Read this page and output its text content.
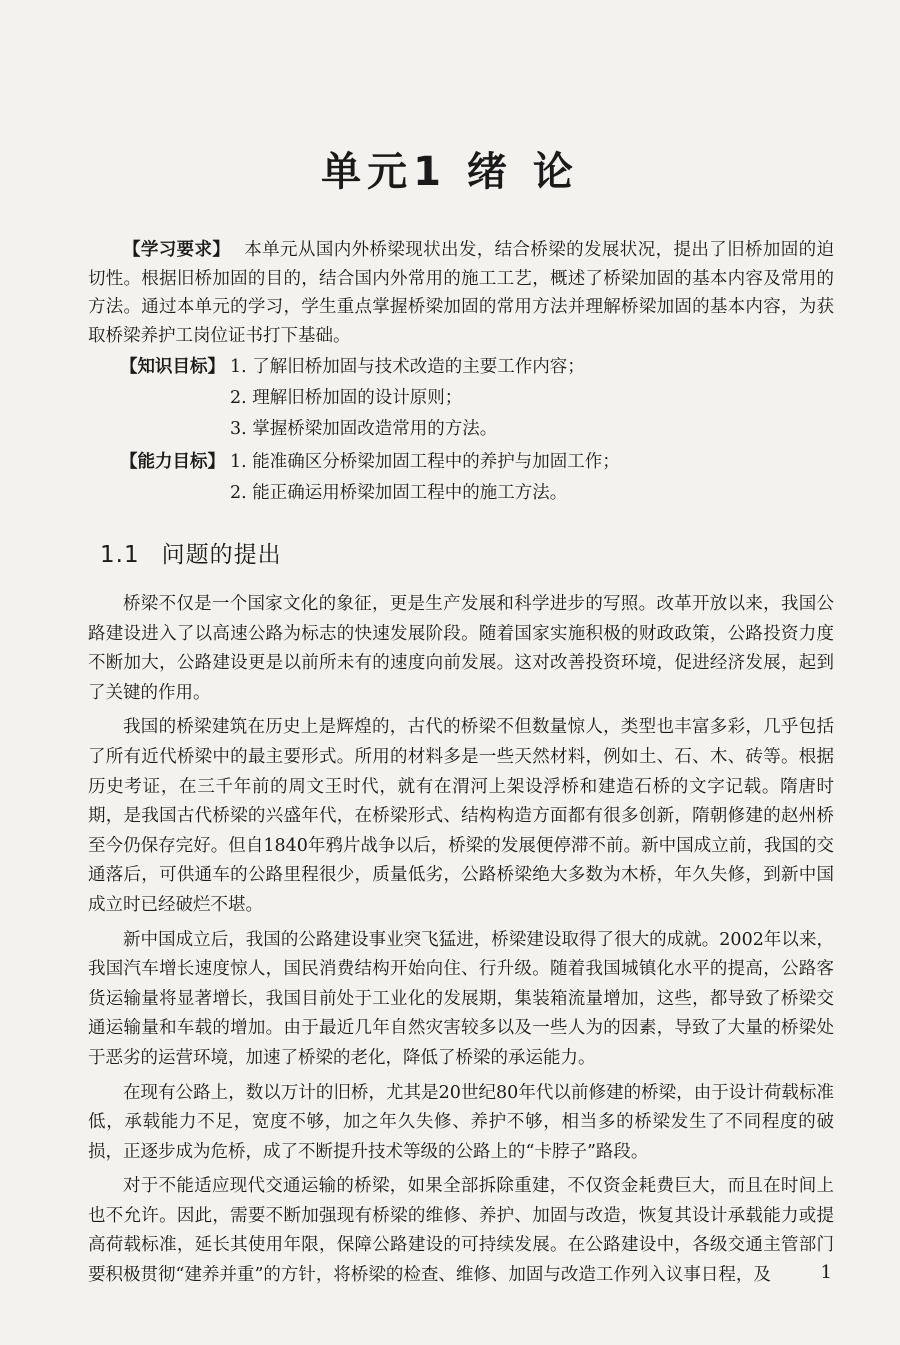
单元1 绪 论

【学习要求】 本单元从国内外桥梁现状出发，结合桥梁的发展状况，提出了旧桥加固的迫切性。根据旧桥加固的目的，结合国内外常用的施工工艺，概述了桥梁加固的基本内容及常用的方法。通过本单元的学习，学生重点掌握桥梁加固的常用方法并理解桥梁加固的基本内容，为获取桥梁养护工岗位证书打下基础。

【知识目标】 1. 了解旧桥加固与技术改造的主要工作内容；
2. 理解旧桥加固的设计原则；
3. 掌握桥梁加固改造常用的方法。
【能力目标】 1. 能准确区分桥梁加固工程中的养护与加固工作；
2. 能正确运用桥梁加固工程中的施工方法。
1.1 问题的提出

桥梁不仅是一个国家文化的象征，更是生产发展和科学进步的写照。改革开放以来，我国公路建设进入了以高速公路为标志的快速发展阶段。随着国家实施积极的财政政策，公路投资力度不断加大，公路建设更是以前所未有的速度向前发展。这对改善投资环境，促进经济发展，起到了关键的作用。

我国的桥梁建筑在历史上是辉煌的，古代的桥梁不但数量惊人，类型也丰富多彩，几乎包括了所有近代桥梁中的最主要形式。所用的材料多是一些天然材料，例如土、石、木、砖等。根据历史考证，在三千年前的周文王时代，就有在渭河上架设浮桥和建造石桥的文字记载。隋唐时期，是我国古代桥梁的兴盛年代，在桥梁形式、结构构造方面都有很多创新，隋朝修建的赵州桥至今仍保存完好。但自1840年鸦片战争以后，桥梁的发展便停滞不前。新中国成立前，我国的交通落后，可供通车的公路里程很少，质量低劣，公路桥梁绝大多数为木桥，年久失修，到新中国成立时已经破烂不堪。

新中国成立后，我国的公路建设事业突飞猛进，桥梁建设取得了很大的成就。2002年以来，我国汽车增长速度惊人，国民消费结构开始向住、行升级。随着我国城镇化水平的提高，公路客货运输量将显著增长，我国目前处于工业化的发展期，集装箱流量增加，这些，都导致了桥梁交通运输量和车载的增加。由于最近几年自然灾害较多以及一些人为的因素，导致了大量的桥梁处于恶劣的运营环境，加速了桥梁的老化，降低了桥梁的承运能力。

在现有公路上，数以万计的旧桥，尤其是20世纪80年代以前修建的桥梁，由于设计荷载标准低，承载能力不足，宽度不够，加之年久失修、养护不够，相当多的桥梁发生了不同程度的破损，正逐步成为危桥，成了不断提升技术等级的公路上的“卡脖子”路段。

对于不能适应现代交通运输的桥梁，如果全部拆除重建，不仅资金耗费巨大，而且在时间上也不允许。因此，需要不断加强现有桥梁的维修、养护、加固与改造，恢复其设计承载能力或提高荷载标准，延长其使用年限，保障公路建设的可持续发展。在公路建设中，各级交通主管部门要积极贯彻“建养并重”的方针，将桥梁的检查、维修、加固与改造工作列入议事日程，及	1
